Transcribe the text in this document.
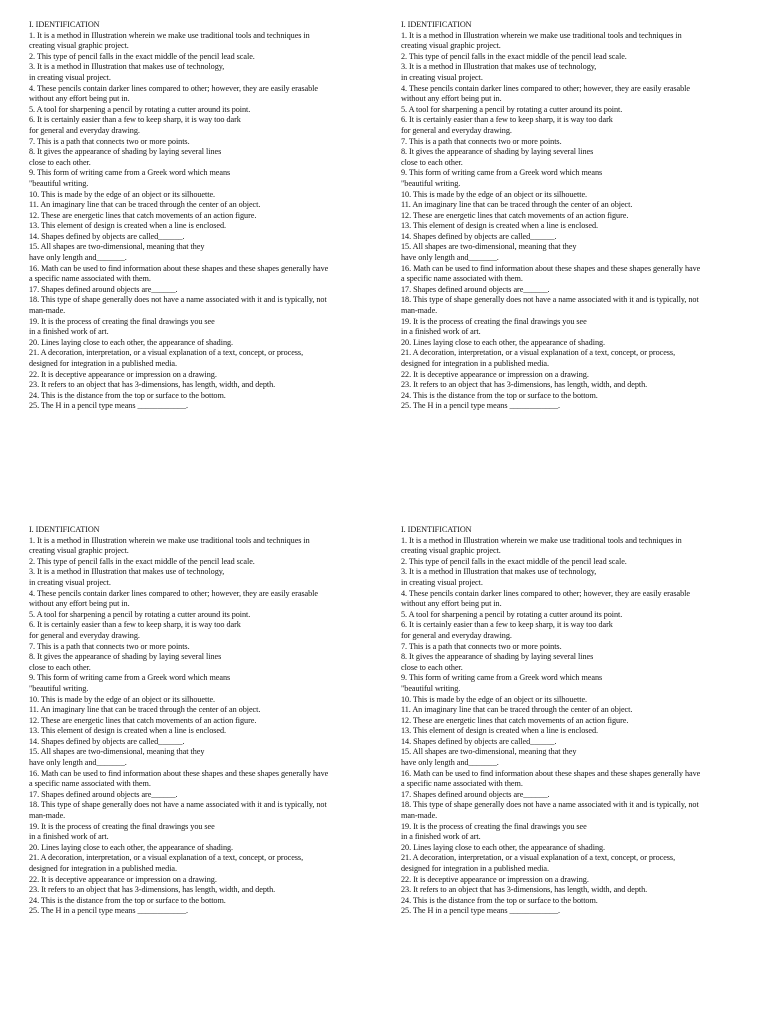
I. IDENTIFICATION
1. It is a method in Illustration wherein we make use traditional tools and techniques in
creating visual graphic project.
2. This type of pencil falls in the exact middle of the pencil lead scale.
3. It is a method in Illustration that makes use of technology,
in creating visual project.
4. These pencils contain darker lines compared to other; however, they are easily erasable
without any effort being put in.
5. A tool for sharpening a pencil by rotating a cutter around its point.
6. It is certainly easier than a few to keep sharp, it is way too dark
for general and everyday drawing.
7. This is a path that connects two or more points.
8. It gives the appearance of shading by laying several lines
close to each other.
9. This form of writing came from a Greek word which means
"beautiful writing.
10. This is made by the edge of an object or its silhouette.
11. An imaginary line that can be traced through the center of an object.
12. These are energetic lines that catch movements of an action figure.
13. This element of design is created when a line is enclosed.
14. Shapes defined by objects are called______.
15. All shapes are two-dimensional, meaning that they
have only length and_______.
16. Math can be used to find information about these shapes and these shapes generally have
a specific name associated with them.
17. Shapes defined around objects are______.
18. This type of shape generally does not have a name associated with it and is typically, not
man-made.
19. It is the process of creating the final drawings you see
in a finished work of art.
20. Lines laying close to each other, the appearance of shading.
21. A decoration, interpretation, or a visual explanation of a text, concept, or process,
designed for integration in a published media.
22. It is deceptive appearance or impression on a drawing.
23. It refers to an object that has 3-dimensions, has length, width, and depth.
24. This is the distance from the top or surface to the bottom.
25. The H in a pencil type means ____________.
I. IDENTIFICATION
1. It is a method in Illustration wherein we make use traditional tools and techniques in
creating visual graphic project.
2. This type of pencil falls in the exact middle of the pencil lead scale.
3. It is a method in Illustration that makes use of technology,
in creating visual project.
4. These pencils contain darker lines compared to other; however, they are easily erasable
without any effort being put in.
5. A tool for sharpening a pencil by rotating a cutter around its point.
6. It is certainly easier than a few to keep sharp, it is way too dark
for general and everyday drawing.
7. This is a path that connects two or more points.
8. It gives the appearance of shading by laying several lines
close to each other.
9. This form of writing came from a Greek word which means
"beautiful writing.
10. This is made by the edge of an object or its silhouette.
11. An imaginary line that can be traced through the center of an object.
12. These are energetic lines that catch movements of an action figure.
13. This element of design is created when a line is enclosed.
14. Shapes defined by objects are called______.
15. All shapes are two-dimensional, meaning that they
have only length and_______.
16. Math can be used to find information about these shapes and these shapes generally have
a specific name associated with them.
17. Shapes defined around objects are______.
18. This type of shape generally does not have a name associated with it and is typically, not
man-made.
19. It is the process of creating the final drawings you see
in a finished work of art.
20. Lines laying close to each other, the appearance of shading.
21. A decoration, interpretation, or a visual explanation of a text, concept, or process,
designed for integration in a published media.
22. It is deceptive appearance or impression on a drawing.
23. It refers to an object that has 3-dimensions, has length, width, and depth.
24. This is the distance from the top or surface to the bottom.
25. The H in a pencil type means ____________.
I. IDENTIFICATION
1. It is a method in Illustration wherein we make use traditional tools and techniques in
creating visual graphic project.
2. This type of pencil falls in the exact middle of the pencil lead scale.
3. It is a method in Illustration that makes use of technology,
in creating visual project.
4. These pencils contain darker lines compared to other; however, they are easily erasable
without any effort being put in.
5. A tool for sharpening a pencil by rotating a cutter around its point.
6. It is certainly easier than a few to keep sharp, it is way too dark
for general and everyday drawing.
7. This is a path that connects two or more points.
8. It gives the appearance of shading by laying several lines
close to each other.
9. This form of writing came from a Greek word which means
"beautiful writing.
10. This is made by the edge of an object or its silhouette.
11. An imaginary line that can be traced through the center of an object.
12. These are energetic lines that catch movements of an action figure.
13. This element of design is created when a line is enclosed.
14. Shapes defined by objects are called______.
15. All shapes are two-dimensional, meaning that they
have only length and_______.
16. Math can be used to find information about these shapes and these shapes generally have
a specific name associated with them.
17. Shapes defined around objects are______.
18. This type of shape generally does not have a name associated with it and is typically, not
man-made.
19. It is the process of creating the final drawings you see
in a finished work of art.
20. Lines laying close to each other, the appearance of shading.
21. A decoration, interpretation, or a visual explanation of a text, concept, or process,
designed for integration in a published media.
22. It is deceptive appearance or impression on a drawing.
23. It refers to an object that has 3-dimensions, has length, width, and depth.
24. This is the distance from the top or surface to the bottom.
25. The H in a pencil type means ____________.
I. IDENTIFICATION
1. It is a method in Illustration wherein we make use traditional tools and techniques in
creating visual graphic project.
2. This type of pencil falls in the exact middle of the pencil lead scale.
3. It is a method in Illustration that makes use of technology,
in creating visual project.
4. These pencils contain darker lines compared to other; however, they are easily erasable
without any effort being put in.
5. A tool for sharpening a pencil by rotating a cutter around its point.
6. It is certainly easier than a few to keep sharp, it is way too dark
for general and everyday drawing.
7. This is a path that connects two or more points.
8. It gives the appearance of shading by laying several lines
close to each other.
9. This form of writing came from a Greek word which means
"beautiful writing.
10. This is made by the edge of an object or its silhouette.
11. An imaginary line that can be traced through the center of an object.
12. These are energetic lines that catch movements of an action figure.
13. This element of design is created when a line is enclosed.
14. Shapes defined by objects are called______.
15. All shapes are two-dimensional, meaning that they
have only length and_______.
16. Math can be used to find information about these shapes and these shapes generally have
a specific name associated with them.
17. Shapes defined around objects are______.
18. This type of shape generally does not have a name associated with it and is typically, not
man-made.
19. It is the process of creating the final drawings you see
in a finished work of art.
20. Lines laying close to each other, the appearance of shading.
21. A decoration, interpretation, or a visual explanation of a text, concept, or process,
designed for integration in a published media.
22. It is deceptive appearance or impression on a drawing.
23. It refers to an object that has 3-dimensions, has length, width, and depth.
24. This is the distance from the top or surface to the bottom.
25. The H in a pencil type means ____________.
